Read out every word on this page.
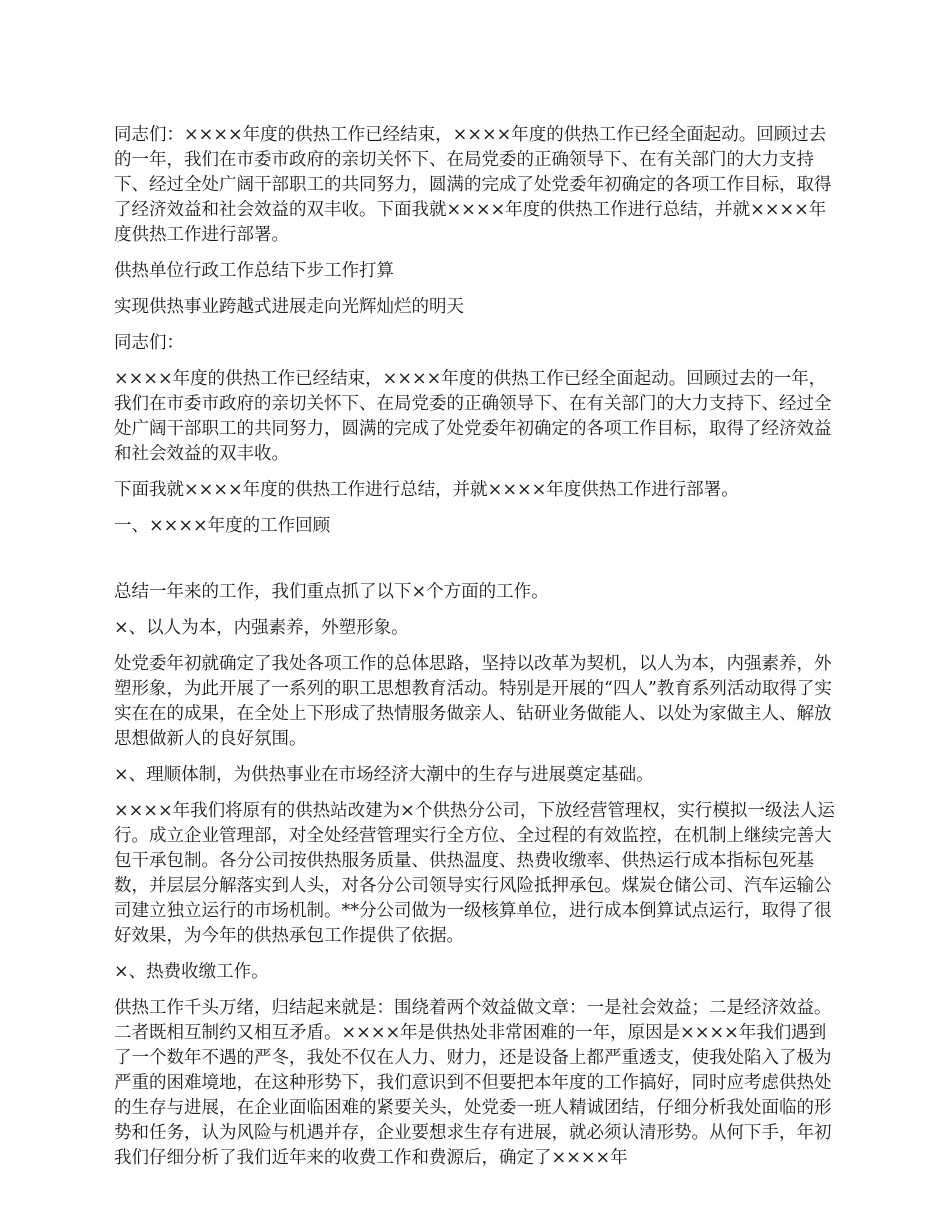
同志们：××××年度的供热工作已经结束，××××年度的供热工作已经全面起动。回顾过去的一年，我们在市委市政府的亲切关怀下、在局党委的正确领导下、在有关部门的大力支持下、经过全处广阔干部职工的共同努力，圆满的完成了处党委年初确定的各项工作目标，取得了经济效益和社会效益的双丰收。下面我就××××年度的供热工作进行总结，并就××××年度供热工作进行部署。

供热单位行政工作总结下步工作打算

实现供热事业跨越式进展走向光辉灿烂的明天

同志们：

××××年度的供热工作已经结束，××××年度的供热工作已经全面起动。回顾过去的一年，我们在市委市政府的亲切关怀下、在局党委的正确领导下、在有关部门的大力支持下、经过全处广阔干部职工的共同努力，圆满的完成了处党委年初确定的各项工作目标，取得了经济效益和社会效益的双丰收。

下面我就××××年度的供热工作进行总结，并就××××年度供热工作进行部署。

一、××××年度的工作回顾

总结一年来的工作，我们重点抓了以下×个方面的工作。

×、以人为本，内强素养，外塑形象。

处党委年初就确定了我处各项工作的总体思路，坚持以改革为契机，以人为本，内强素养，外塑形象，为此开展了一系列的职工思想教育活动。特别是开展的“四人”教育系列活动取得了实实在在的成果，在全处上下形成了热情服务做亲人、钻研业务做能人、以处为家做主人、解放思想做新人的良好氛围。

×、理顺体制，为供热事业在市场经济大潮中的生存与进展奠定基础。

××××年我们将原有的供热站改建为×个供热分公司，下放经营管理权，实行模拟一级法人运行。成立企业管理部，对全处经营管理实行全方位、全过程的有效监控，在机制上继续完善大包干承包制。各分公司按供热服务质量、供热温度、热费收缴率、供热运行成本指标包死基数，并层层分解落实到人头，对各分公司领导实行风险抵押承包。煤炭仓储公司、汽车运输公司建立独立运行的市场机制。**分公司做为一级核算单位，进行成本倒算试点运行，取得了很好效果，为今年的供热承包工作提供了依据。

×、热费收缴工作。

供热工作千头万绪，归结起来就是：围绕着两个效益做文章：一是社会效益；二是经济效益。二者既相互制约又相互矛盾。××××年是供热处非常困难的一年，原因是××××年我们遇到了一个数年不遇的严冬，我处不仅在人力、财力，还是设备上都严重透支，使我处陷入了极为严重的困难境地，在这种形势下，我们意识到不但要把本年度的工作搞好，同时应考虑供热处的生存与进展，在企业面临困难的紧要关头，处党委一班人精诚团结，仔细分析我处面临的形势和任务，认为风险与机遇并存，企业要想求生存有进展，就必须认清形势。从何下手，年初我们仔细分析了我们近年来的收费工作和费源后，确定了××××年
